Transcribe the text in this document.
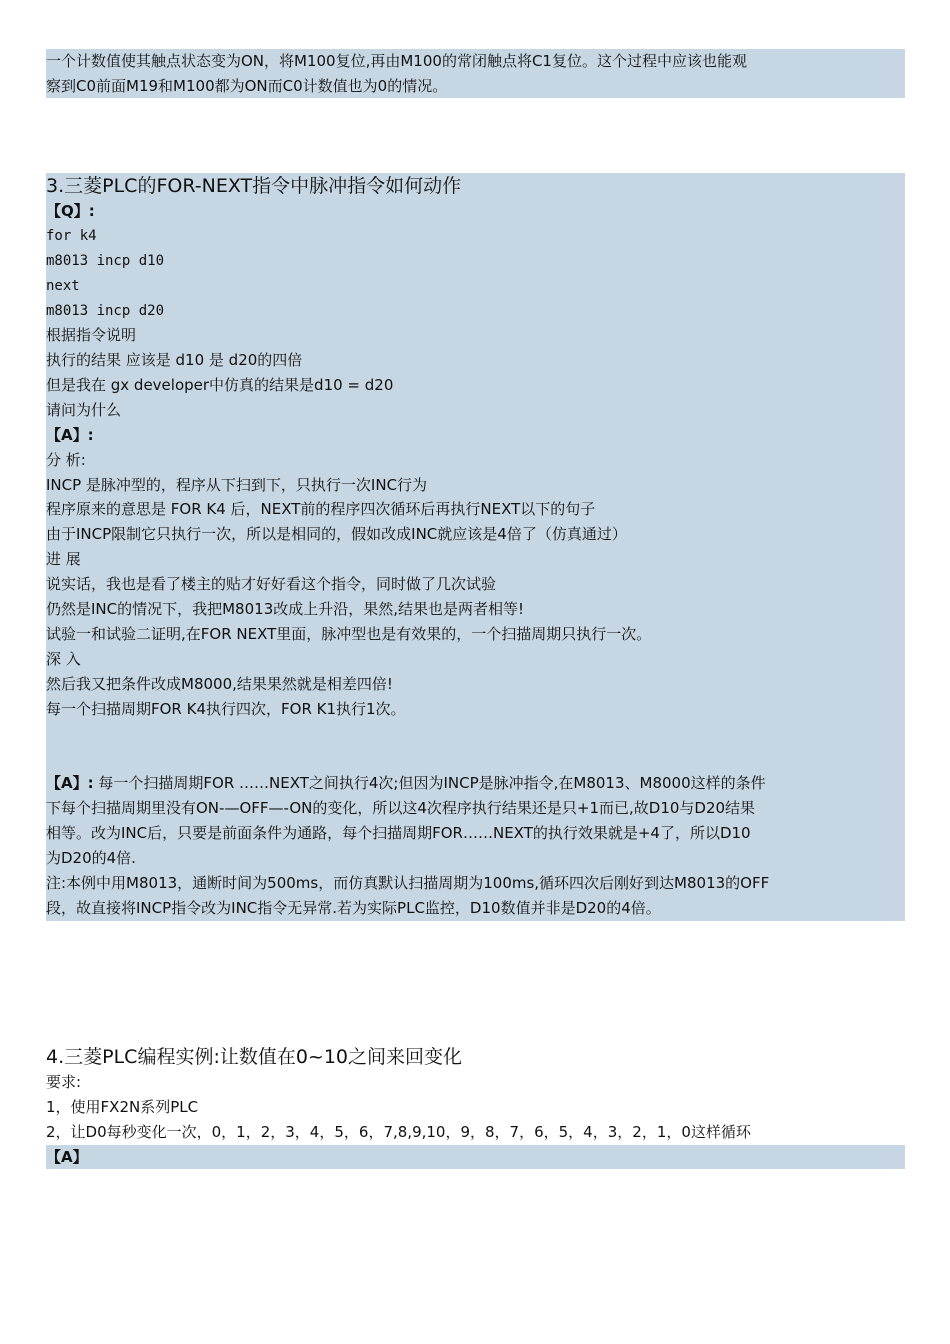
一个计数值使其触点状态变为ON，将M100复位,再由M100的常闭触点将C1复位。这个过程中应该也能观
察到C0前面M19和M100都为ON而C0计数值也为0的情况。
3.三菱PLC的FOR-NEXT指令中脉冲指令如何动作
【Q】:
for k4
m8013 incp d10
next
m8013 incp d20
根据指令说明
执行的结果 应该是 d10 是 d20的四倍
但是我在 gx developer中仿真的结果是d10 = d20
请问为什么
【A】:
分 析:
INCP 是脉冲型的，程序从下扫到下，只执行一次INC行为
程序原来的意思是 FOR K4 后，NEXT前的程序四次循环后再执行NEXT以下的句子
由于INCP限制它只执行一次，所以是相同的，假如改成INC就应该是4倍了（仿真通过）
进 展
说实话，我也是看了楼主的贴才好好看这个指令，同时做了几次试验
仍然是INC的情况下，我把M8013改成上升沿，果然,结果也是两者相等!
试验一和试验二证明,在FOR NEXT里面，脉冲型也是有效果的，一个扫描周期只执行一次。
深 入
然后我又把条件改成M8000,结果果然就是相差四倍!
每一个扫描周期FOR K4执行四次，FOR K1执行1次。
【A】: 每一个扫描周期FOR ……NEXT之间执行4次;但因为INCP是脉冲指令,在M8013、M8000这样的条件
下每个扫描周期里没有ON-—OFF—-ON的变化，所以这4次程序执行结果还是只+1而已,故D10与D20结果
相等。改为INC后，只要是前面条件为通路，每个扫描周期FOR……NEXT的执行效果就是+4了，所以D10
为D20的4倍.
注:本例中用M8013，通断时间为500ms，而仿真默认扫描周期为100ms,循环四次后刚好到达M8013的OFF
段，故直接将INCP指令改为INC指令无异常.若为实际PLC监控，D10数值并非是D20的4倍。
4.三菱PLC编程实例:让数值在0~10之间来回变化
要求:
1，使用FX2N系列PLC
2，让D0每秒变化一次，0，1，2，3，4，5，6，7,8,9,10，9，8，7，6，5，4，3，2，1，0这样循环
【A】
